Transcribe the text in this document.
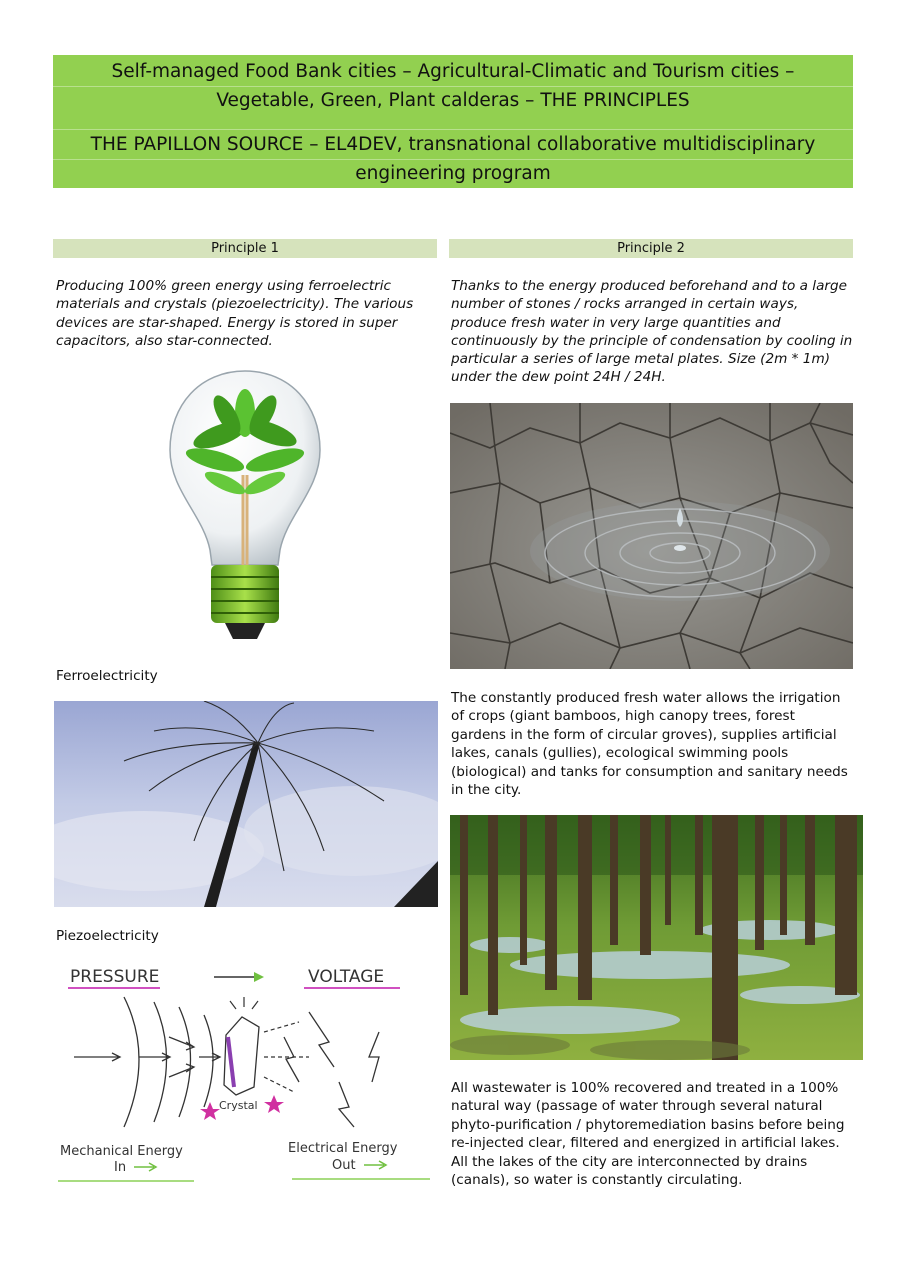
Self-managed Food Bank cities – Agricultural-Climatic and Tourism cities –
Vegetable, Green, Plant calderas – THE PRINCIPLES
THE PAPILLON SOURCE – EL4DEV, transnational collaborative multidisciplinary
engineering program
Principle 1	Principle 2
Producing 100% green energy using ferroelectric
materials and crystals (piezoelectricity). The various
devices are star-shaped. Energy is stored in super
capacitors, also star-connected.
Ferroelectricity
Piezoelectricity
PRESSURE	VOLTAGE
Crystal
Mechanical Energy
In
Electrical Energy
Out
Thanks to the energy produced beforehand and to a large
number of stones / rocks arranged in certain ways,
produce fresh water in very large quantities and
continuously by the principle of condensation by cooling in
particular a series of large metal plates. Size (2m * 1m)
under the dew point 24H / 24H.
The constantly produced fresh water allows the irrigation
of crops (giant bamboos, high canopy trees, forest
gardens in the form of circular groves), supplies artificial
lakes, canals (gullies), ecological swimming pools
(biological) and tanks for consumption and sanitary needs
in the city.
All wastewater is 100% recovered and treated in a 100%
natural way (passage of water through several natural
phyto-purification / phytoremediation basins before being
re-injected clear, filtered and energized in artificial lakes.
All the lakes of the city are interconnected by drains
(canals), so water is constantly circulating.
